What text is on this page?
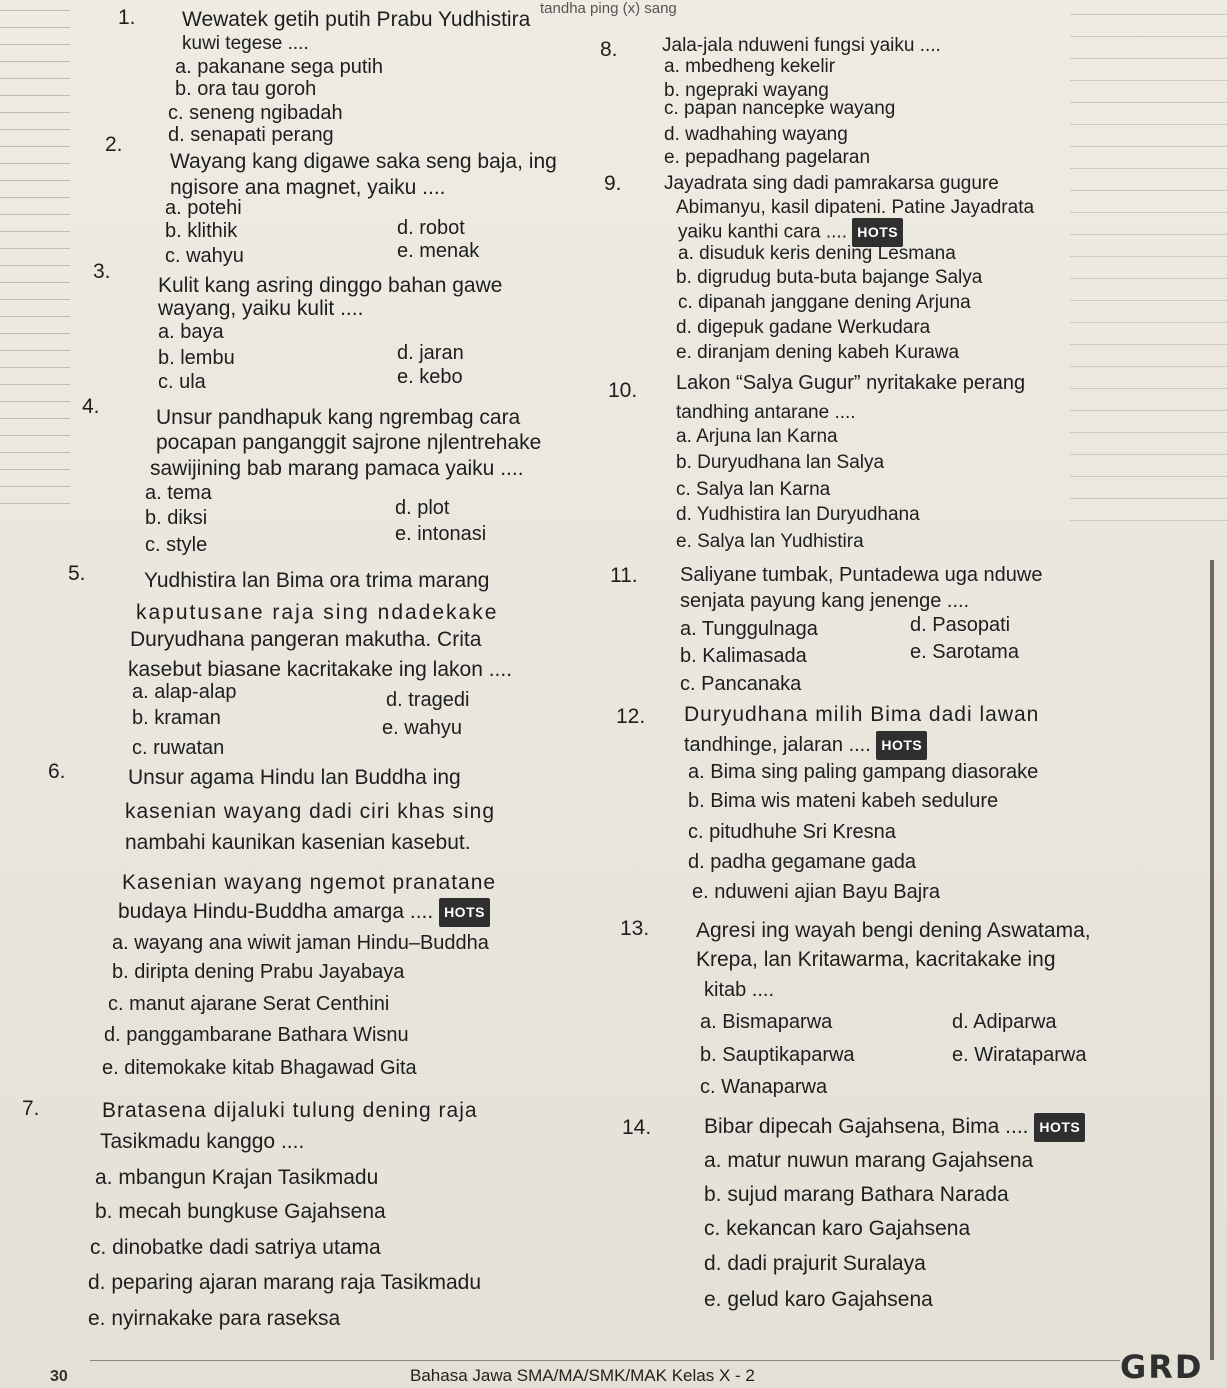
tandha ping (x) sang
1. Wewatek getih putih Prabu Yudhistira
kuwi tegese ....
a. pakanane sega putih
b. ora tau goroh
c. seneng ngibadah
d. senapati perang
2.
Wayang kang digawe saka seng baja, ing
ngisore ana magnet, yaiku ....
a. potehi
b. klithik
c. wahyu
d. robot
e. menak
3.
Kulit kang asring dinggo bahan gawe
wayang, yaiku kulit ....
a. baya
b. lembu
c. ula
d. jaran
e. kebo
4.	Unsur pandhapuk kang ngrembag cara
pocapan panganggit sajrone njlentrehake
sawijining bab marang pamaca yaiku ....
a. tema
b. diksi
c. style
d. plot
e. intonasi
5.	Yudhistira lan Bima ora trima marang
kaputusane raja sing ndadekake
Duryudhana pangeran makutha. Crita
kasebut biasane kacritakake ing lakon ....
a. alap-alap
b. kraman
c. ruwatan
d. tragedi
e. wahyu
6.	Unsur agama Hindu lan Buddha ing
kasenian wayang dadi ciri khas sing
nambahi kaunikan kasenian kasebut.
Kasenian wayang ngemot pranatane
budaya Hindu-Buddha amarga .... HOTS
a. wayang ana wiwit jaman Hindu–Buddha
b. diripta dening Prabu Jayabaya
c. manut ajarane Serat Centhini
d. panggambarane Bathara Wisnu
e. ditemokake kitab Bhagawad Gita
7.	Bratasena dijaluki tulung dening raja
Tasikmadu kanggo ....
a. mbangun Krajan Tasikmadu
b. mecah bungkuse Gajahsena
c. dinobatke dadi satriya utama
d. peparing ajaran marang raja Tasikmadu
e. nyirnakake para raseksa
8. Jala-jala nduweni fungsi yaiku ....
a. mbedheng kekelir
b. ngepraki wayang
c. papan nancepke wayang
d. wadhahing wayang
e. pepadhang pagelaran
9. Jayadrata sing dadi pamrakarsa gugure
Abimanyu, kasil dipateni. Patine Jayadrata
yaiku kanthi cara .... HOTS
a. disuduk keris dening Lesmana
b. digrudug buta-buta bajange Salya
c. dipanah janggane dening Arjuna
d. digepuk gadane Werkudara
e. diranjam dening kabeh Kurawa
10. Lakon “Salya Gugur” nyritakake perang
tandhing antarane ....
a. Arjuna lan Karna
b. Duryudhana lan Salya
c. Salya lan Karna
d. Yudhistira lan Duryudhana
e. Salya lan Yudhistira
11. Saliyane tumbak, Puntadewa uga nduwe
senjata payung kang jenenge ....
a. Tunggulnaga
b. Kalimasada
c. Pancanaka
d. Pasopati
e. Sarotama
12. Duryudhana milih Bima dadi lawan
tandhinge, jalaran .... HOTS
a. Bima sing paling gampang diasorake
b. Bima wis mateni kabeh sedulure
c. pitudhuhe Sri Kresna
d. padha gegamane gada
e. nduweni ajian Bayu Bajra
13. Agresi ing wayah bengi dening Aswatama,
Krepa, lan Kritawarma, kacritakake ing
kitab ....
a. Bismaparwa
b. Sauptikaparwa
c. Wanaparwa
d. Adiparwa
e. Wirataparwa
14.	Bibar dipecah Gajahsena, Bima .... HOTS
a. matur nuwun marang Gajahsena
b. sujud marang Bathara Narada
c. kekancan karo Gajahsena
d. dadi prajurit Suralaya
e. gelud karo Gajahsena
30	Bahasa Jawa SMA/MA/SMK/MAK Kelas X - 2	GRD
